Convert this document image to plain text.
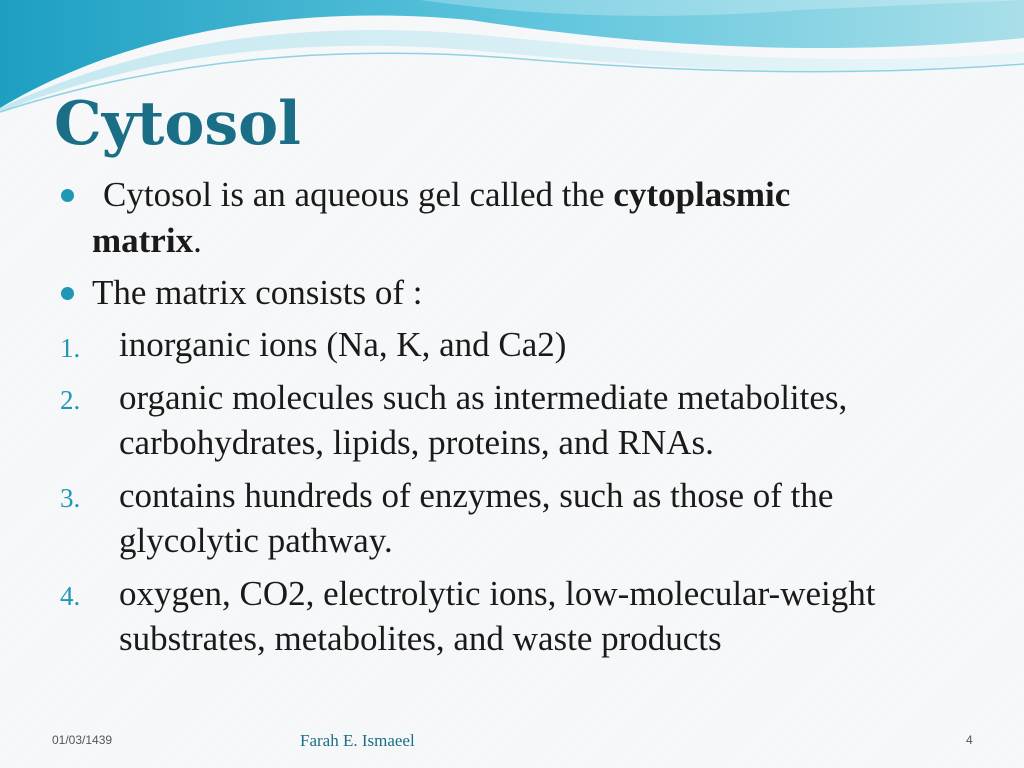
Cytosol
Cytosol is an aqueous gel called the cytoplasmic
matrix.
The matrix consists of :
1. inorganic ions (Na, K, and Ca2)
2. organic molecules such as intermediate metabolites,
carbohydrates, lipids, proteins, and RNAs.
3. contains hundreds of enzymes, such as those of the
glycolytic pathway.
4. oxygen, CO2, electrolytic ions, low-molecular-weight
substrates, metabolites, and waste products
01/03/1439	Farah E. Ismaeel	4
